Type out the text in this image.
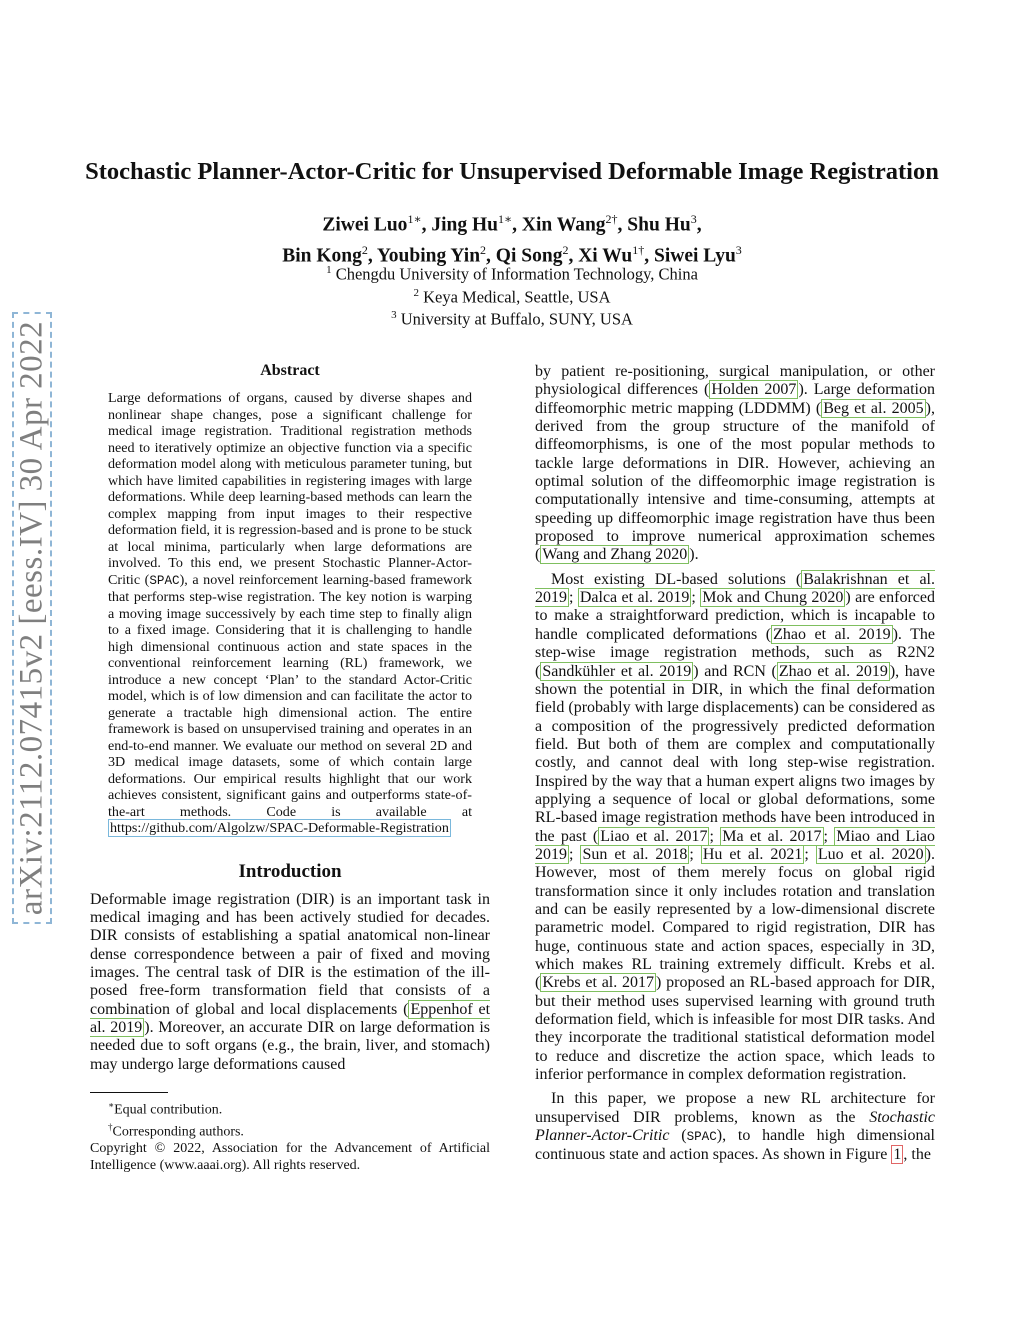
arXiv:2112.07415v2 [eess.IV] 30 Apr 2022
Stochastic Planner-Actor-Critic for Unsupervised Deformable Image Registration
Ziwei Luo$^{1∗}$, Jing $Hu^{1∗}$, Xin Wang$^{2\dagger}$, Shu Hu$^3$,
Bin Kong$^2$, Youbing Yin$^2$, Qi Song$^2$, Xi $Wu^{1\dagger}$, Siwei Lyu$^3$
$^1$ Chengdu University of Information Technology, China
$^2$ Keya Medical, Seattle, USA
$^3$ University at Buffalo, SUNY, USA
Abstract

Large deformations of organs, caused by diverse shapes and nonlinear shape changes, pose a significant challenge for medical image registration. Traditional registration methods need to iteratively optimize an objective function via a specific deformation model along with meticulous parameter tuning, but which have limited capabilities in registering images with large deformations. While deep learning-based methods can learn the complex mapping from input images to their respective deformation field, it is regression-based and is prone to be stuck at local minima, particularly when large deformations are involved. To this end, we present Stochastic Planner-Actor-Critic (SPAC), a novel reinforcement learning-based framework that performs step-wise registration. The key notion is warping a moving image successively by each time step to finally align to a fixed image. Considering that it is challenging to handle high dimensional continuous action and state spaces in the conventional reinforcement learning (RL) framework, we introduce a new concept ‘Plan’ to the standard Actor-Critic model, which is of low dimension and can facilitate the actor to generate a tractable high dimensional action. The entire framework is based on unsupervised training and operates in an end-to-end manner. We evaluate our method on several 2D and 3D medical image datasets, some of which contain large deformations. Our empirical results highlight that our work achieves consistent, significant gains and outperforms state-of-the-art methods. Code is available at https://github.com/Algolzw/SPAC-Deformable-Registration

Introduction

Deformable image registration (DIR) is an important task in medical imaging and has been actively studied for decades. DIR consists of establishing a spatial anatomical non-linear dense correspondence between a pair of fixed and moving images. The central task of DIR is the estimation of the ill-posed free-form transformation field that consists of a combination of global and local displacements ( Eppenhof et al. 2019 ). Moreover, an accurate DIR on large deformation is needed due to soft organs (e.g., the brain, liver, and stomach) may undergo large deformations caused

∗Equal contribution.

†Corresponding authors.

Copyright © 2022, Association for the Advancement of Artificial Intelligence (www.aaai.org). All rights reserved.

by patient re-positioning, surgical manipulation, or other physiological differences ( Holden 2007 ). Large deformation diffeomorphic metric mapping (LDDMM) ( Beg et al. 2005 ), derived from the group structure of the manifold of diffeomorphisms, is one of the most popular methods to tackle large deformations in DIR. However, achieving an optimal solution of the diffeomorphic image registration is computationally intensive and time-consuming, attempts at speeding up diffeomorphic image registration have thus been proposed to improve numerical approximation schemes ( Wang and Zhang 2020 ).

Most existing DL-based solutions ( Balakrishnan et al. 2019 ; Dalca et al. 2019 ; Mok and Chung 2020 ) are enforced to make a straightforward prediction, which is incapable to handle complicated deformations ( Zhao et al. 2019 ). The step-wise image registration methods, such as R2N2 ( Sandkühler et al. 2019 ) and RCN ( Zhao et al. 2019 ), have shown the potential in DIR, in which the final deformation field (probably with large displacements) can be considered as a composition of the progressively predicted deformation field. But both of them are complex and computationally costly, and cannot deal with long step-wise registration. Inspired by the way that a human expert aligns two images by applying a sequence of local or global deformations, some RL-based image registration methods have been introduced in the past ( Liao et al. 2017 ; Ma et al. 2017 ; Miao and Liao 2019 ; Sun et al. 2018 ; Hu et al. 2021 ; Luo et al. 2020 ). However, most of them merely focus on global rigid transformation since it only includes rotation and translation and can be easily represented by a low-dimensional discrete parametric model. Compared to rigid registration, DIR has huge, continuous state and action spaces, especially in 3D, which makes RL training extremely difficult. Krebs et al. ( Krebs et al. 2017 ) proposed an RL-based approach for DIR, but their method uses supervised learning with ground truth deformation field, which is infeasible for most DIR tasks. And they incorporate the traditional statistical deformation model to reduce and discretize the action space, which leads to inferior performance in complex deformation registration.

In this paper, we propose a new RL architecture for unsupervised DIR problems, known as the Stochastic Planner-Actor-Critic (SPAC), to handle high dimensional continuous state and action spaces. As shown in Figure 1 , the
